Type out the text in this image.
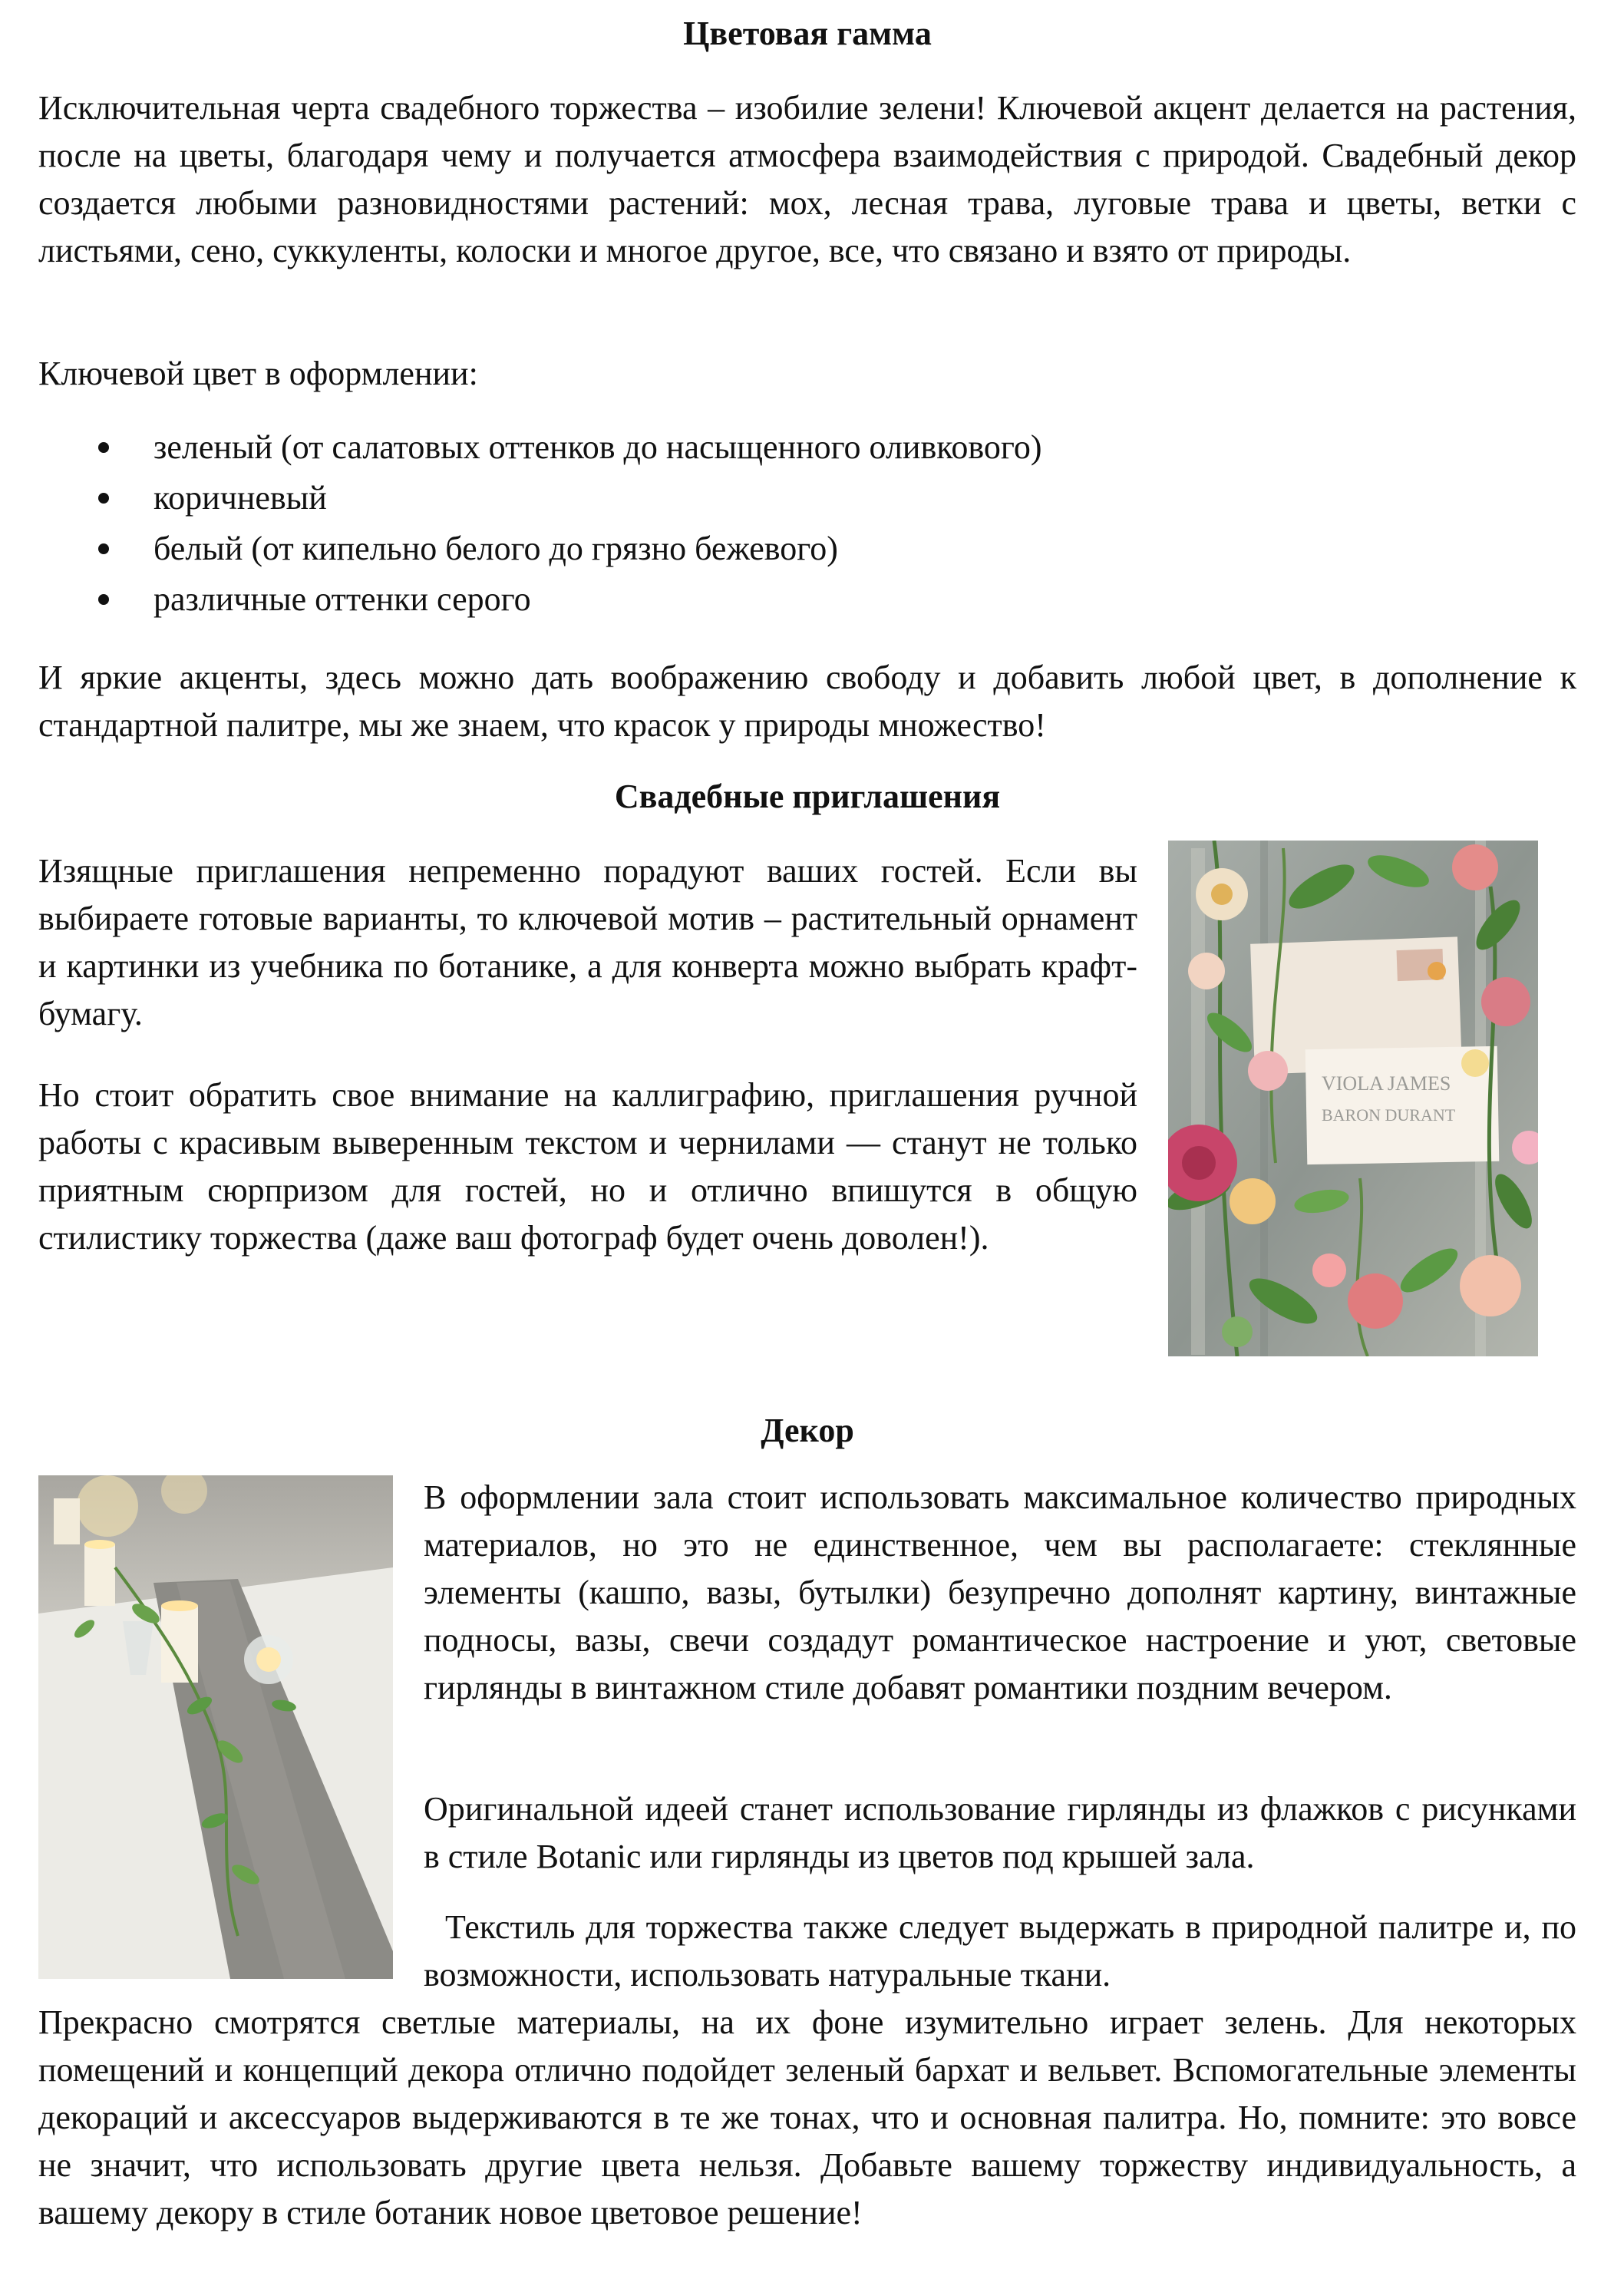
Цветовая гамма

Исключительная черта свадебного торжества – изобилие зелени! Ключевой акцент делается на растения, после на цветы, благодаря чему и получается атмосфера взаимодействия с природой. Свадебный декор создается любыми разновидностями растений: мох, лесная трава, луговые трава и цветы, ветки с листьями, сено, суккуленты, колоски и многое другое, все, что связано и взято от природы.

Ключевой цвет в оформлении:

зеленый (от салатовых оттенков до насыщенного оливкового)
коричневый
белый (от кипельно белого до грязно бежевого)
различные оттенки серого

И яркие акценты, здесь можно дать воображению свободу и добавить любой цвет, в дополнение к стандартной палитре, мы же знаем, что красок у природы множество!

Свадебные приглашения

Изящные приглашения непременно порадуют ваших гостей. Если вы выбираете готовые варианты, то ключевой мотив – растительный орнамент и картинки из учебника по ботанике, а для конверта можно выбрать крафт-бумагу.

Но стоит обратить свое внимание на каллиграфию, приглашения ручной работы с красивым выверенным текстом и чернилами — станут не только приятным сюрпризом для гостей, но и отлично впишутся в общую стилистику торжества (даже ваш фотограф будет очень доволен!).

VIOLA JAMES
BARON DURANT
Декор

В оформлении зала стоит использовать максимальное количество природных материалов, но это не единственное, чем вы располагаете: стеклянные элементы (кашпо, вазы, бутылки) безупречно дополнят картину, винтажные подносы, вазы, свечи создадут романтическое настроение и уют, световые гирлянды в винтажном стиле добавят романтики поздним вечером.

Оригинальной идеей станет использование гирлянды из флажков с рисунками в стиле Botanic или гирлянды из цветов под крышей зала.

Текстиль для торжества также следует выдержать в природной палитре и, по возможности, использовать натуральные ткани.

Прекрасно смотрятся светлые материалы, на их фоне изумительно играет зелень. Для некоторых помещений и концепций декора отлично подойдет зеленый бархат и вельвет. Вспомогательные элементы декораций и аксессуаров выдерживаются в те же тонах, что и основная палитра. Но, помните: это вовсе не значит, что использовать другие цвета нельзя. Добавьте вашему торжеству индивидуальность, а вашему декору в стиле ботаник новое цветовое решение!
